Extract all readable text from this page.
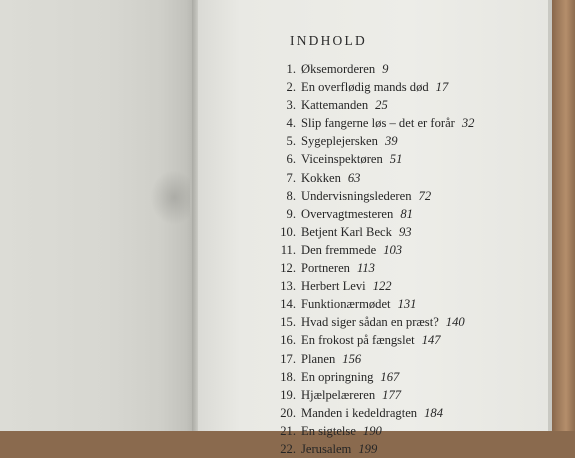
INDHOLD
1. Øksemorderen 9
2. En overflødig mands død 17
3. Kattemanden 25
4. Slip fangerne løs – det er forår 32
5. Sygeplejersken 39
6. Viceinspektøren 51
7. Kokken 63
8. Undervisningslederen 72
9. Overvagtmesteren 81
10. Betjent Karl Beck 93
11. Den fremmede 103
12. Portneren 113
13. Herbert Levi 122
14. Funktionærmødet 131
15. Hvad siger sådan en præst? 140
16. En frokost på fængslet 147
17. Planen 156
18. En opringning 167
19. Hjælpelæreren 177
20. Manden i kedeldragten 184
21. En sigtelse 190
22. Jerusalem 199
